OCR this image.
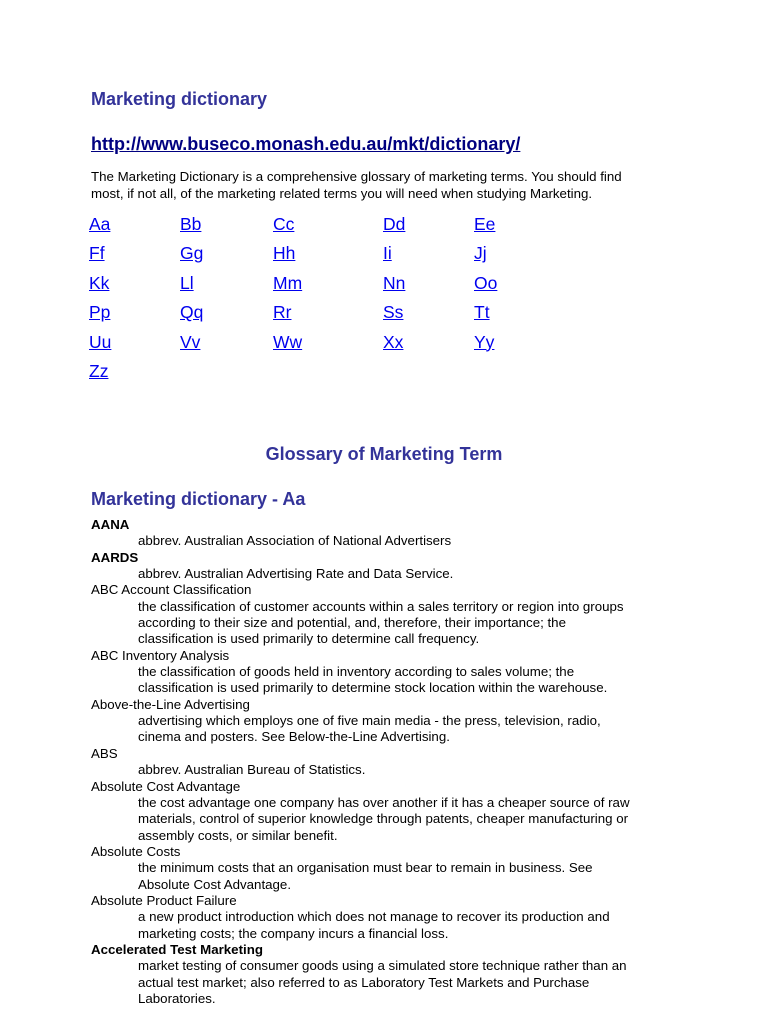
Marketing dictionary
http://www.buseco.monash.edu.au/mkt/dictionary/
The Marketing Dictionary is a comprehensive glossary of marketing terms. You should find
most, if not all, of the marketing related terms you will need when studying Marketing.
Aa	Bb	Cc	Dd	Ee
Ff	Gg	Hh	Ii	Jj
Kk	Ll	Mm	Nn	Oo
Pp	Qq	Rr	Ss	Tt
Uu	Vv	Ww	Xx	Yy
Zz
Glossary of Marketing Term
Marketing dictionary - Aa
AANA
abbrev. Australian Association of National Advertisers
AARDS
abbrev. Australian Advertising Rate and Data Service.
ABC Account Classification
the classification of customer accounts within a sales territory or region into groups
according to their size and potential, and, therefore, their importance; the
classification is used primarily to determine call frequency.
ABC Inventory Analysis
the classification of goods held in inventory according to sales volume; the
classification is used primarily to determine stock location within the warehouse.
Above-the-Line Advertising
advertising which employs one of five main media - the press, television, radio,
cinema and posters. See Below-the-Line Advertising.
ABS
abbrev. Australian Bureau of Statistics.
Absolute Cost Advantage
the cost advantage one company has over another if it has a cheaper source of raw
materials, control of superior knowledge through patents, cheaper manufacturing or
assembly costs, or similar benefit.
Absolute Costs
the minimum costs that an organisation must bear to remain in business. See
Absolute Cost Advantage.
Absolute Product Failure
a new product introduction which does not manage to recover its production and
marketing costs; the company incurs a financial loss.
Accelerated Test Marketing
market testing of consumer goods using a simulated store technique rather than an
actual test market; also referred to as Laboratory Test Markets and Purchase
Laboratories.
